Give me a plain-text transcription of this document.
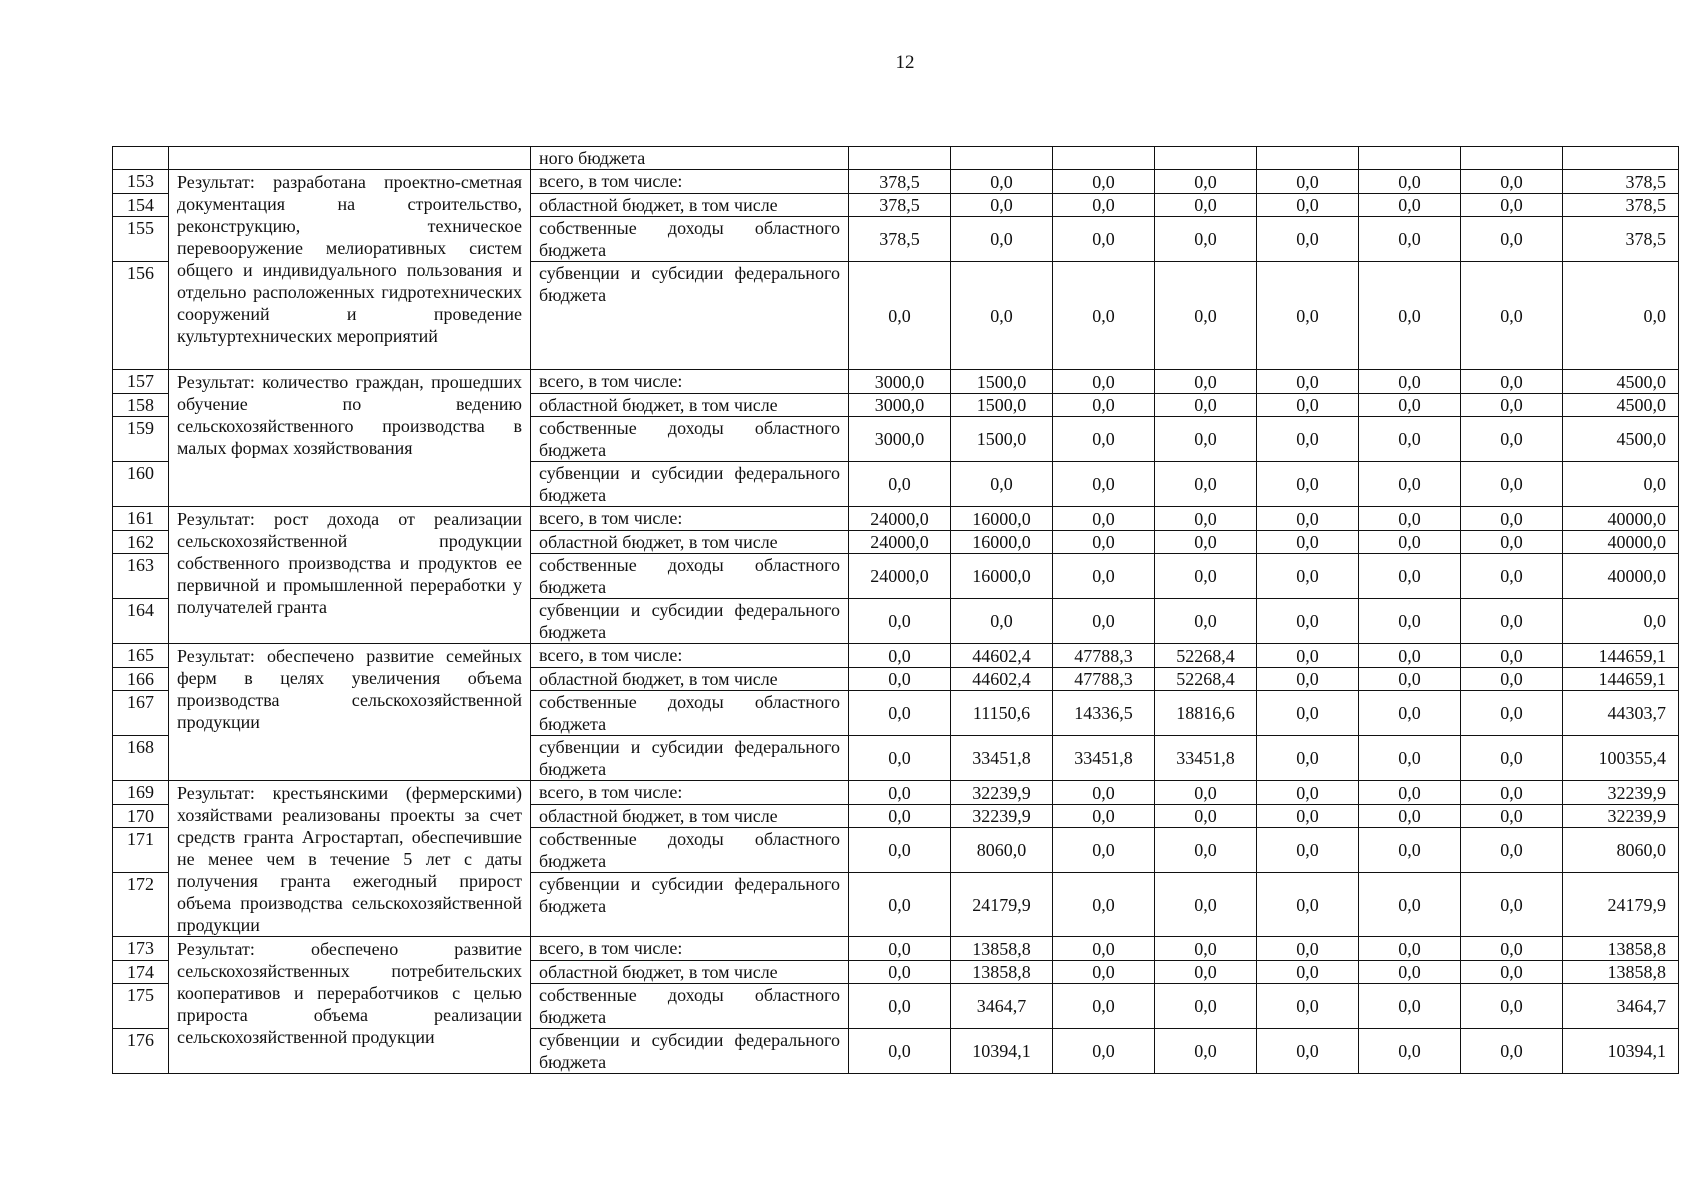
12
		ного бюджета								
153	Результат: разработана проектно-сметная документация на строительство, реконструкцию, техническое перевооружение мелиоративных систем общего и индивидуального пользования и отдельно расположенных гидротехнических сооружений и проведение культуртехнических мероприятий	всего, в том числе:	378,5	0,0	0,0	0,0	0,0	0,0	0,0	378,5
154		областной бюджет, в том числе	378,5	0,0	0,0	0,0	0,0	0,0	0,0	378,5
155		собственные доходы областного бюджета	378,5	0,0	0,0	0,0	0,0	0,0	0,0	378,5
156		субвенции и субсидии федерального бюджета	0,0	0,0	0,0	0,0	0,0	0,0	0,0	0,0
157	Результат: количество граждан, прошедших обучение по ведению сельскохозяйственного производства в малых формах хозяйствования	всего, в том числе:	3000,0	1500,0	0,0	0,0	0,0	0,0	0,0	4500,0
158		областной бюджет, в том числе	3000,0	1500,0	0,0	0,0	0,0	0,0	0,0	4500,0
159		собственные доходы областного бюджета	3000,0	1500,0	0,0	0,0	0,0	0,0	0,0	4500,0
160		субвенции и субсидии федерального бюджета	0,0	0,0	0,0	0,0	0,0	0,0	0,0	0,0
161	Результат: рост дохода от реализации сельскохозяйственной продукции собственного производства и продуктов ее первичной и промышленной переработки у получателей гранта	всего, в том числе:	24000,0	16000,0	0,0	0,0	0,0	0,0	0,0	40000,0
162		областной бюджет, в том числе	24000,0	16000,0	0,0	0,0	0,0	0,0	0,0	40000,0
163		собственные доходы областного бюджета	24000,0	16000,0	0,0	0,0	0,0	0,0	0,0	40000,0
164		субвенции и субсидии федерального бюджета	0,0	0,0	0,0	0,0	0,0	0,0	0,0	0,0
165	Результат: обеспечено развитие семейных ферм в целях увеличения объема производства сельскохозяйственной продукции	всего, в том числе:	0,0	44602,4	47788,3	52268,4	0,0	0,0	0,0	144659,1
166		областной бюджет, в том числе	0,0	44602,4	47788,3	52268,4	0,0	0,0	0,0	144659,1
167		собственные доходы областного бюджета	0,0	11150,6	14336,5	18816,6	0,0	0,0	0,0	44303,7
168		субвенции и субсидии федерального бюджета	0,0	33451,8	33451,8	33451,8	0,0	0,0	0,0	100355,4
169	Результат: крестьянскими (фермерскими) хозяйствами реализованы проекты за счет средств гранта Агростартап, обеспечившие не менее чем в течение 5 лет с даты получения гранта ежегодный прирост объема производства сельскохозяйственной продукции	всего, в том числе:	0,0	32239,9	0,0	0,0	0,0	0,0	0,0	32239,9
170		областной бюджет, в том числе	0,0	32239,9	0,0	0,0	0,0	0,0	0,0	32239,9
171		собственные доходы областного бюджета	0,0	8060,0	0,0	0,0	0,0	0,0	0,0	8060,0
172		субвенции и субсидии федерального бюджета	0,0	24179,9	0,0	0,0	0,0	0,0	0,0	24179,9
173	Результат: обеспечено развитие сельскохозяйственных потребительских кооперативов и переработчиков с целью прироста объема реализации сельскохозяйственной продукции	всего, в том числе:	0,0	13858,8	0,0	0,0	0,0	0,0	0,0	13858,8
174		областной бюджет, в том числе	0,0	13858,8	0,0	0,0	0,0	0,0	0,0	13858,8
175		собственные доходы областного бюджета	0,0	3464,7	0,0	0,0	0,0	0,0	0,0	3464,7
176		субвенции и субсидии федерального бюджета	0,0	10394,1	0,0	0,0	0,0	0,0	0,0	10394,1
